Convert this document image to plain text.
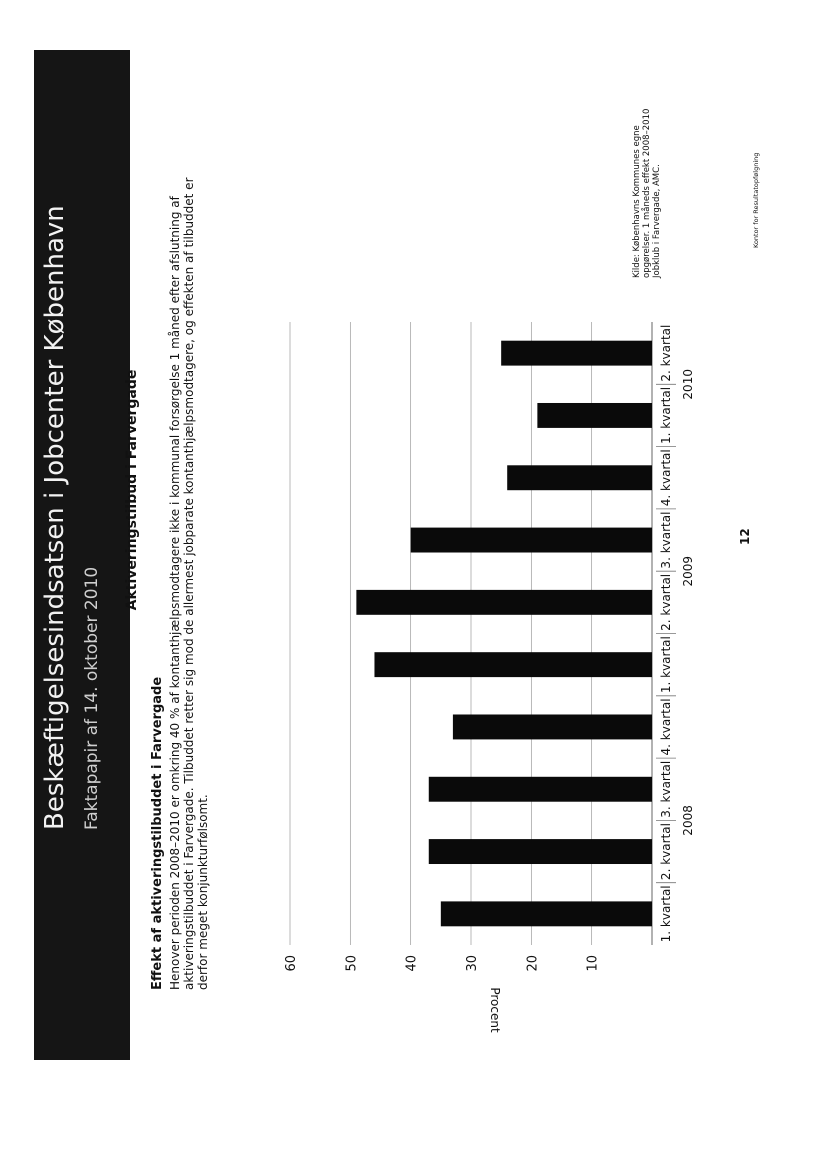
Beskæftigelsesindsatsen i Jobcenter København Faktapapir af 14. oktober 2010
Aktiveringstilbud i Farvergade
Effekt af aktiveringstilbuddet i Farvergade Henover perioden 2008–2010 er omkring 40 % af kontanthjælpsmodtagere ikke i kommunal forsørgelse 1 måned efter afslutning af aktiveringstilbuddet i Farvergade. Tilbuddet retter sig mod de allermest jobparate kontanthjælpsmodtagere, og effekten af tilbuddet er derfor meget konjunkturfølsomt.	10
20
30
40
50
60
Procent
1. kvartal
2. kvartal
3. kvartal
4. kvartal
1. kvartal
2. kvartal
3. kvartal
4. kvartal
1. kvartal
2. kvartal
2008
2009
2010
Kilde: Københavns Kommunes egne opgørelser. 1 måneds effekt 2008–2010 Jobklub i Farvergade, AMC.	Kontor for Resultatopfølgning
12
